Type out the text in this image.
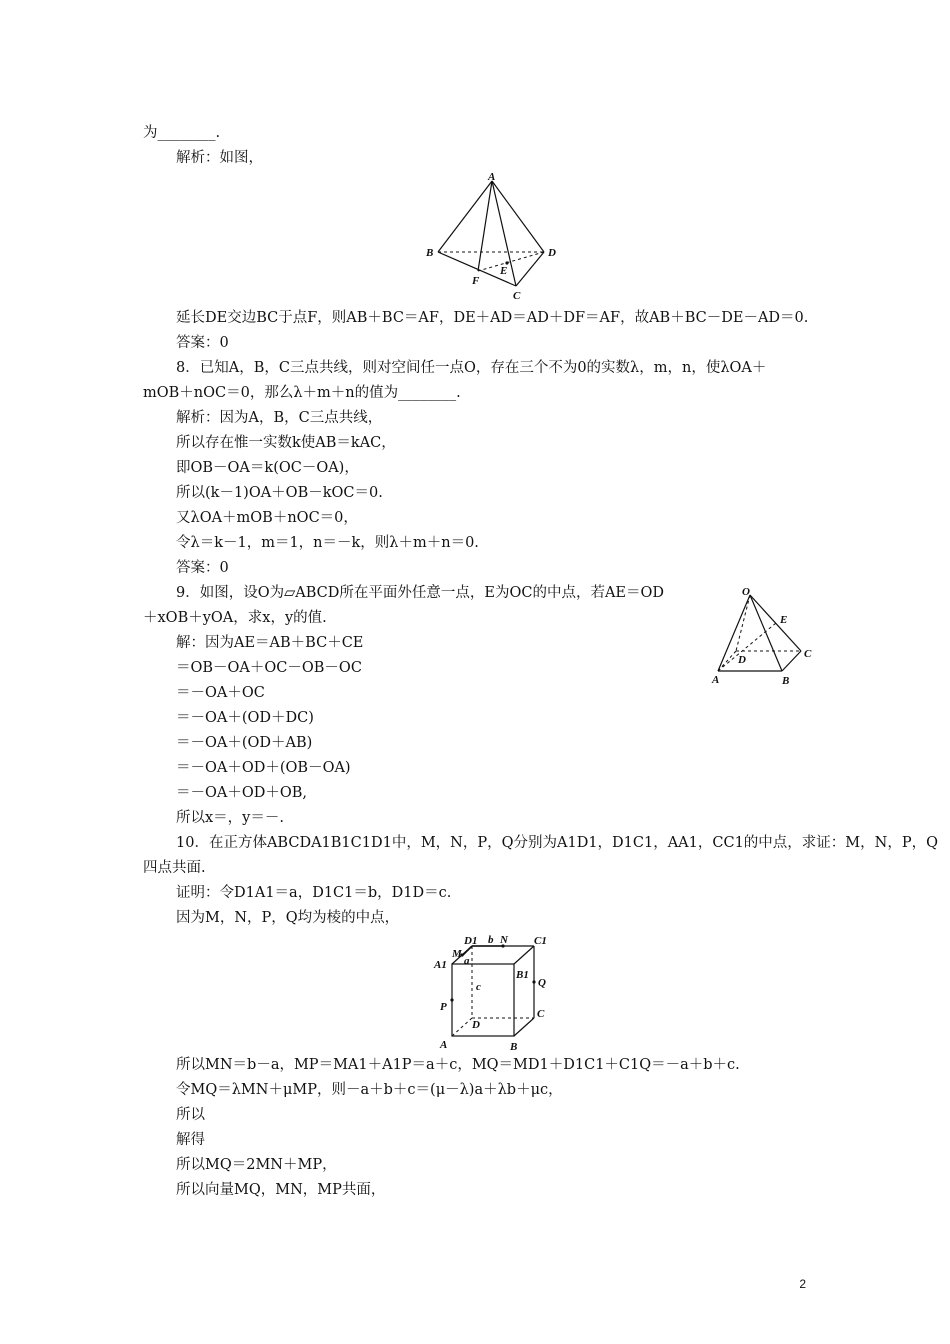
为________.
解析：如图，
A
B	D
E
F
C
延长DE交边BC于点F，则AB＋BC＝AF，DE＋AD＝AD＋DF＝AF，故AB＋BC－DE－AD＝0.
答案：0
8．已知A，B，C三点共线，则对空间任一点O，存在三个不为0的实数λ，m，n，使λOA＋
mOB＋nOC＝0，那么λ＋m＋n的值为________.
解析：因为A，B，C三点共线，
所以存在惟一实数k使AB＝kAC，
即OB－OA＝k(OC－OA)，
所以(k－1)OA＋OB－kOC＝0.
又λOA＋mOB＋nOC＝0，
令λ＝k－1，m＝1，n＝－k，则λ＋m＋n＝0.
答案：0
9．如图，设O为▱ABCD所在平面外任意一点，E为OC的中点，若AE＝OD
＋xOB＋yOA，求x，y的值.
解：因为AE＝AB＋BC＋CE
＝OB－OA＋OC－OB－OC
＝－OA＋OC
＝－OA＋(OD＋DC)
＝－OA＋(OD＋AB)
＝－OA＋OD＋(OB－OA)
＝－OA＋OD＋OB,
所以x＝，y＝－.
O
E
C
D
A	B
10．在正方体ABCDA1B1C1D1中，M，N，P，Q分别为A1D1，D1C1，AA1，CC1的中点，求证：M，N，P，Q
四点共面.
证明：令D1A1＝a，D1C1＝b，D1D＝c.
因为M，N，P，Q均为棱的中点，
D1 b N C1
M
a
A1
B1
Q
c
P
D
C
A	B
所以MN＝b－a，MP＝MA1＋A1P＝a＋c，MQ＝MD1＋D1C1＋C1Q＝－a＋b＋c.
令MQ＝λMN＋μMP，则－a＋b＋c＝(μ－λ)a＋λb＋μc，
所以
解得
所以MQ＝2MN＋MP，
所以向量MQ，MN，MP共面，
2
